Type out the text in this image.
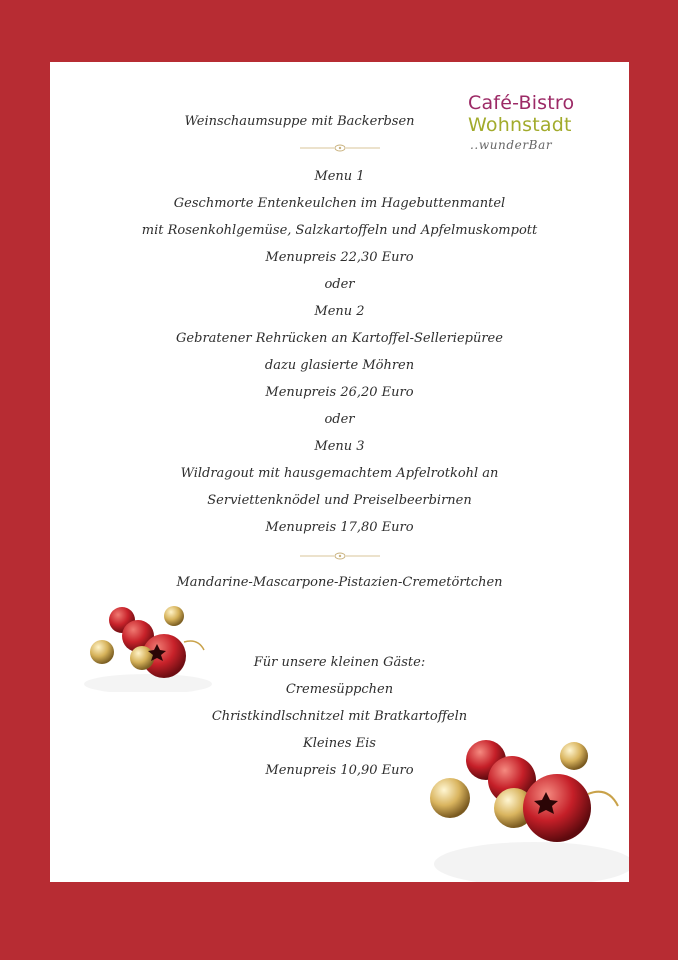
Café-Bistro
Wohnstadt
..wunderBar
Weinschaumsuppe mit Backerbsen
Menu 1
Geschmorte Entenkeulchen im Hagebuttenmantel
mit Rosenkohlgemüse, Salzkartoffeln und Apfelmuskompott
Menupreis 22,30 Euro
oder
Menu 2
Gebratener Rehrücken an Kartoffel-Selleriepüree
dazu glasierte Möhren
Menupreis 26,20 Euro
oder
Menu 3
Wildragout mit hausgemachtem Apfelrotkohl an
Serviettenknödel und Preiselbeerbirnen
Menupreis 17,80 Euro
Mandarine-Mascarpone-Pistazien-Cremetörtchen
Für unsere kleinen Gäste:
Cremesüppchen
Christkindlschnitzel mit Bratkartoffeln
Kleines Eis
Menupreis 10,90 Euro
